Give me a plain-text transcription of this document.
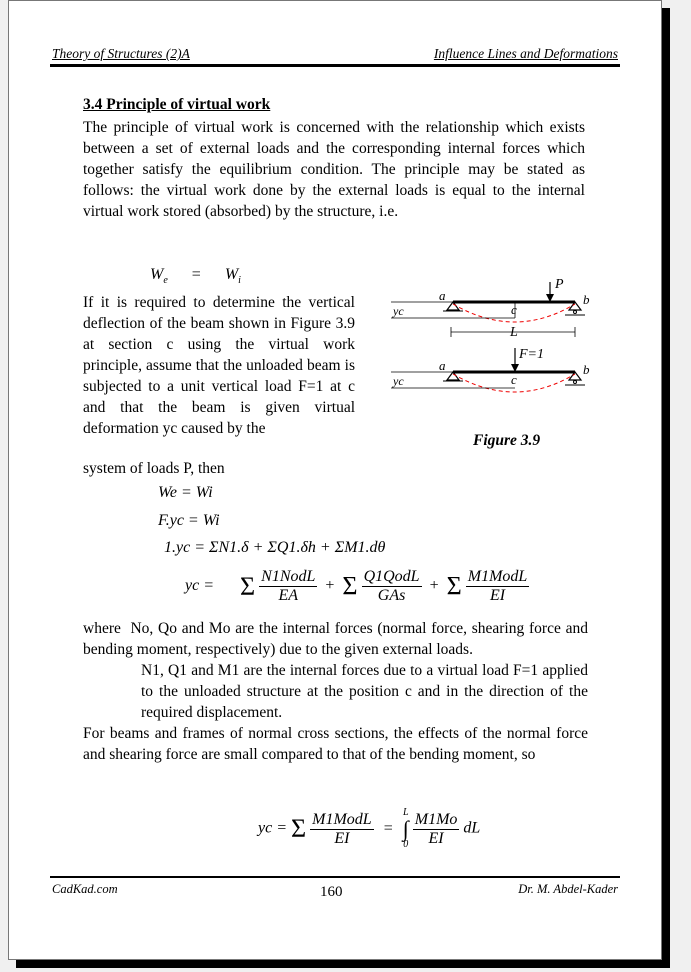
Theory of Structures (2)A	Influence Lines and Deformations

3.4 Principle of virtual work

The principle of virtual work is concerned with the relationship which exists between a set of external loads and the corresponding internal forces which together satisfy the equilibrium condition. The principle may be stated as follows: the virtual work done by the external loads is equal to the internal virtual work stored (absorbed) by the structure, i.e.

$W_e = W_i$
If it is required to determine the vertical deflection of the beam shown in Figure 3.9 at section c using the virtual work principle, assume that the unloaded beam is subjected to a unit vertical load F=1 at c and that the beam is given virtual deformation yc caused by the
system of loads P, then
a	b
c
P
L
yc
a	b
c
F=1
yc
Figure 3.9
We = Wi
F.yc = Wi
1.yc = ΣN1.δ + ΣQ1.δh + ΣM1.dθ
yc = Σ $\frac{\text{N1NodL}}{EA} + \Sigma \frac{\text{Q1QodL}}{\text{GAs}} + \Sigma \frac{\text{M1ModL}}{EI}$

where No, Qo and Mo are the internal forces (normal force, shearing force and bending moment, respectively) due to the given external loads.

N1, Q1 and M1 are the internal forces due to a virtual load F=1 applied to the unloaded structure at the position c and in the direction of the required displacement.

For beams and frames of normal cross sections, the effects of the normal force and shearing force are small compared to that of the bending moment, so

yc = Σ $\frac{\text{M1ModL}}{EI}$ =
L
∫
0
$\frac{M1Mo}{EI}$ dL
CadKad.com	160	Dr. M. Abdel-Kader
